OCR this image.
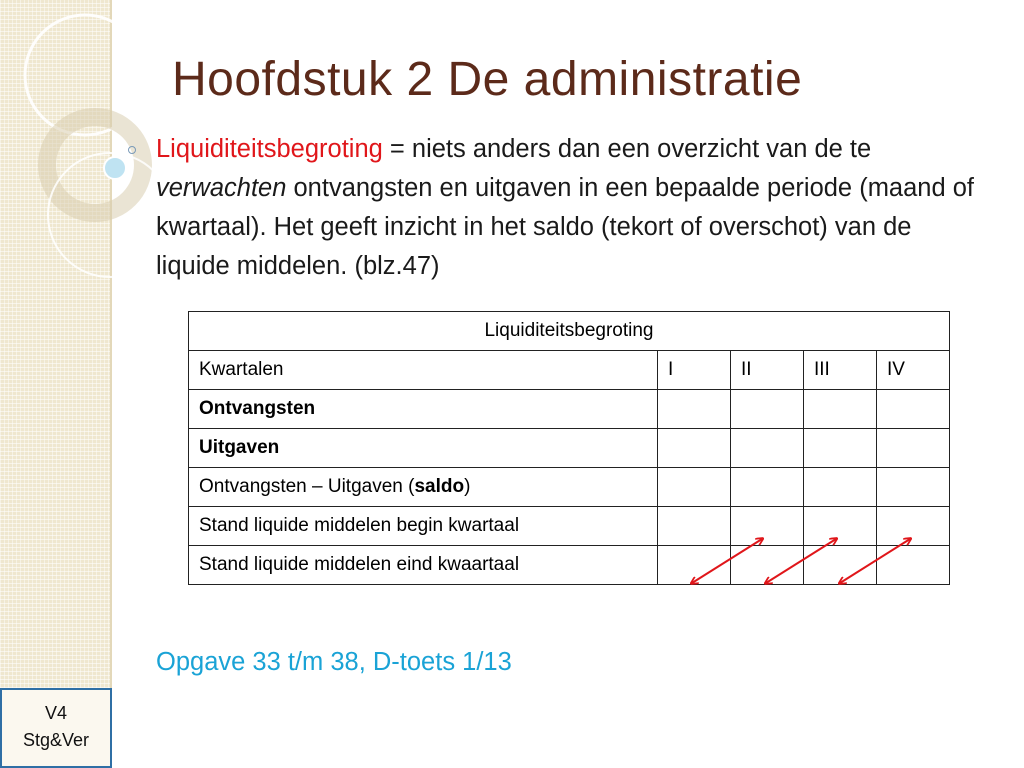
Hoofdstuk 2 De administratie

Liquiditeitsbegroting = niets anders dan een overzicht van de te verwachten ontvangsten en uitgaven in een bepaalde periode (maand of kwartaal). Het geeft inzicht in het saldo (tekort of overschot) van de liquide middelen. (blz.47)

Liquiditeitsbegroting				
Kwartalen	I	II	III	IV
Ontvangsten				
Uitgaven				
Ontvangsten – Uitgaven (saldo)				
Stand liquide middelen begin kwartaal				
Stand liquide middelen eind kwaartaal				

Opgave 33 t/m 38, D-toets 1/13

V4
Stg&Ver
